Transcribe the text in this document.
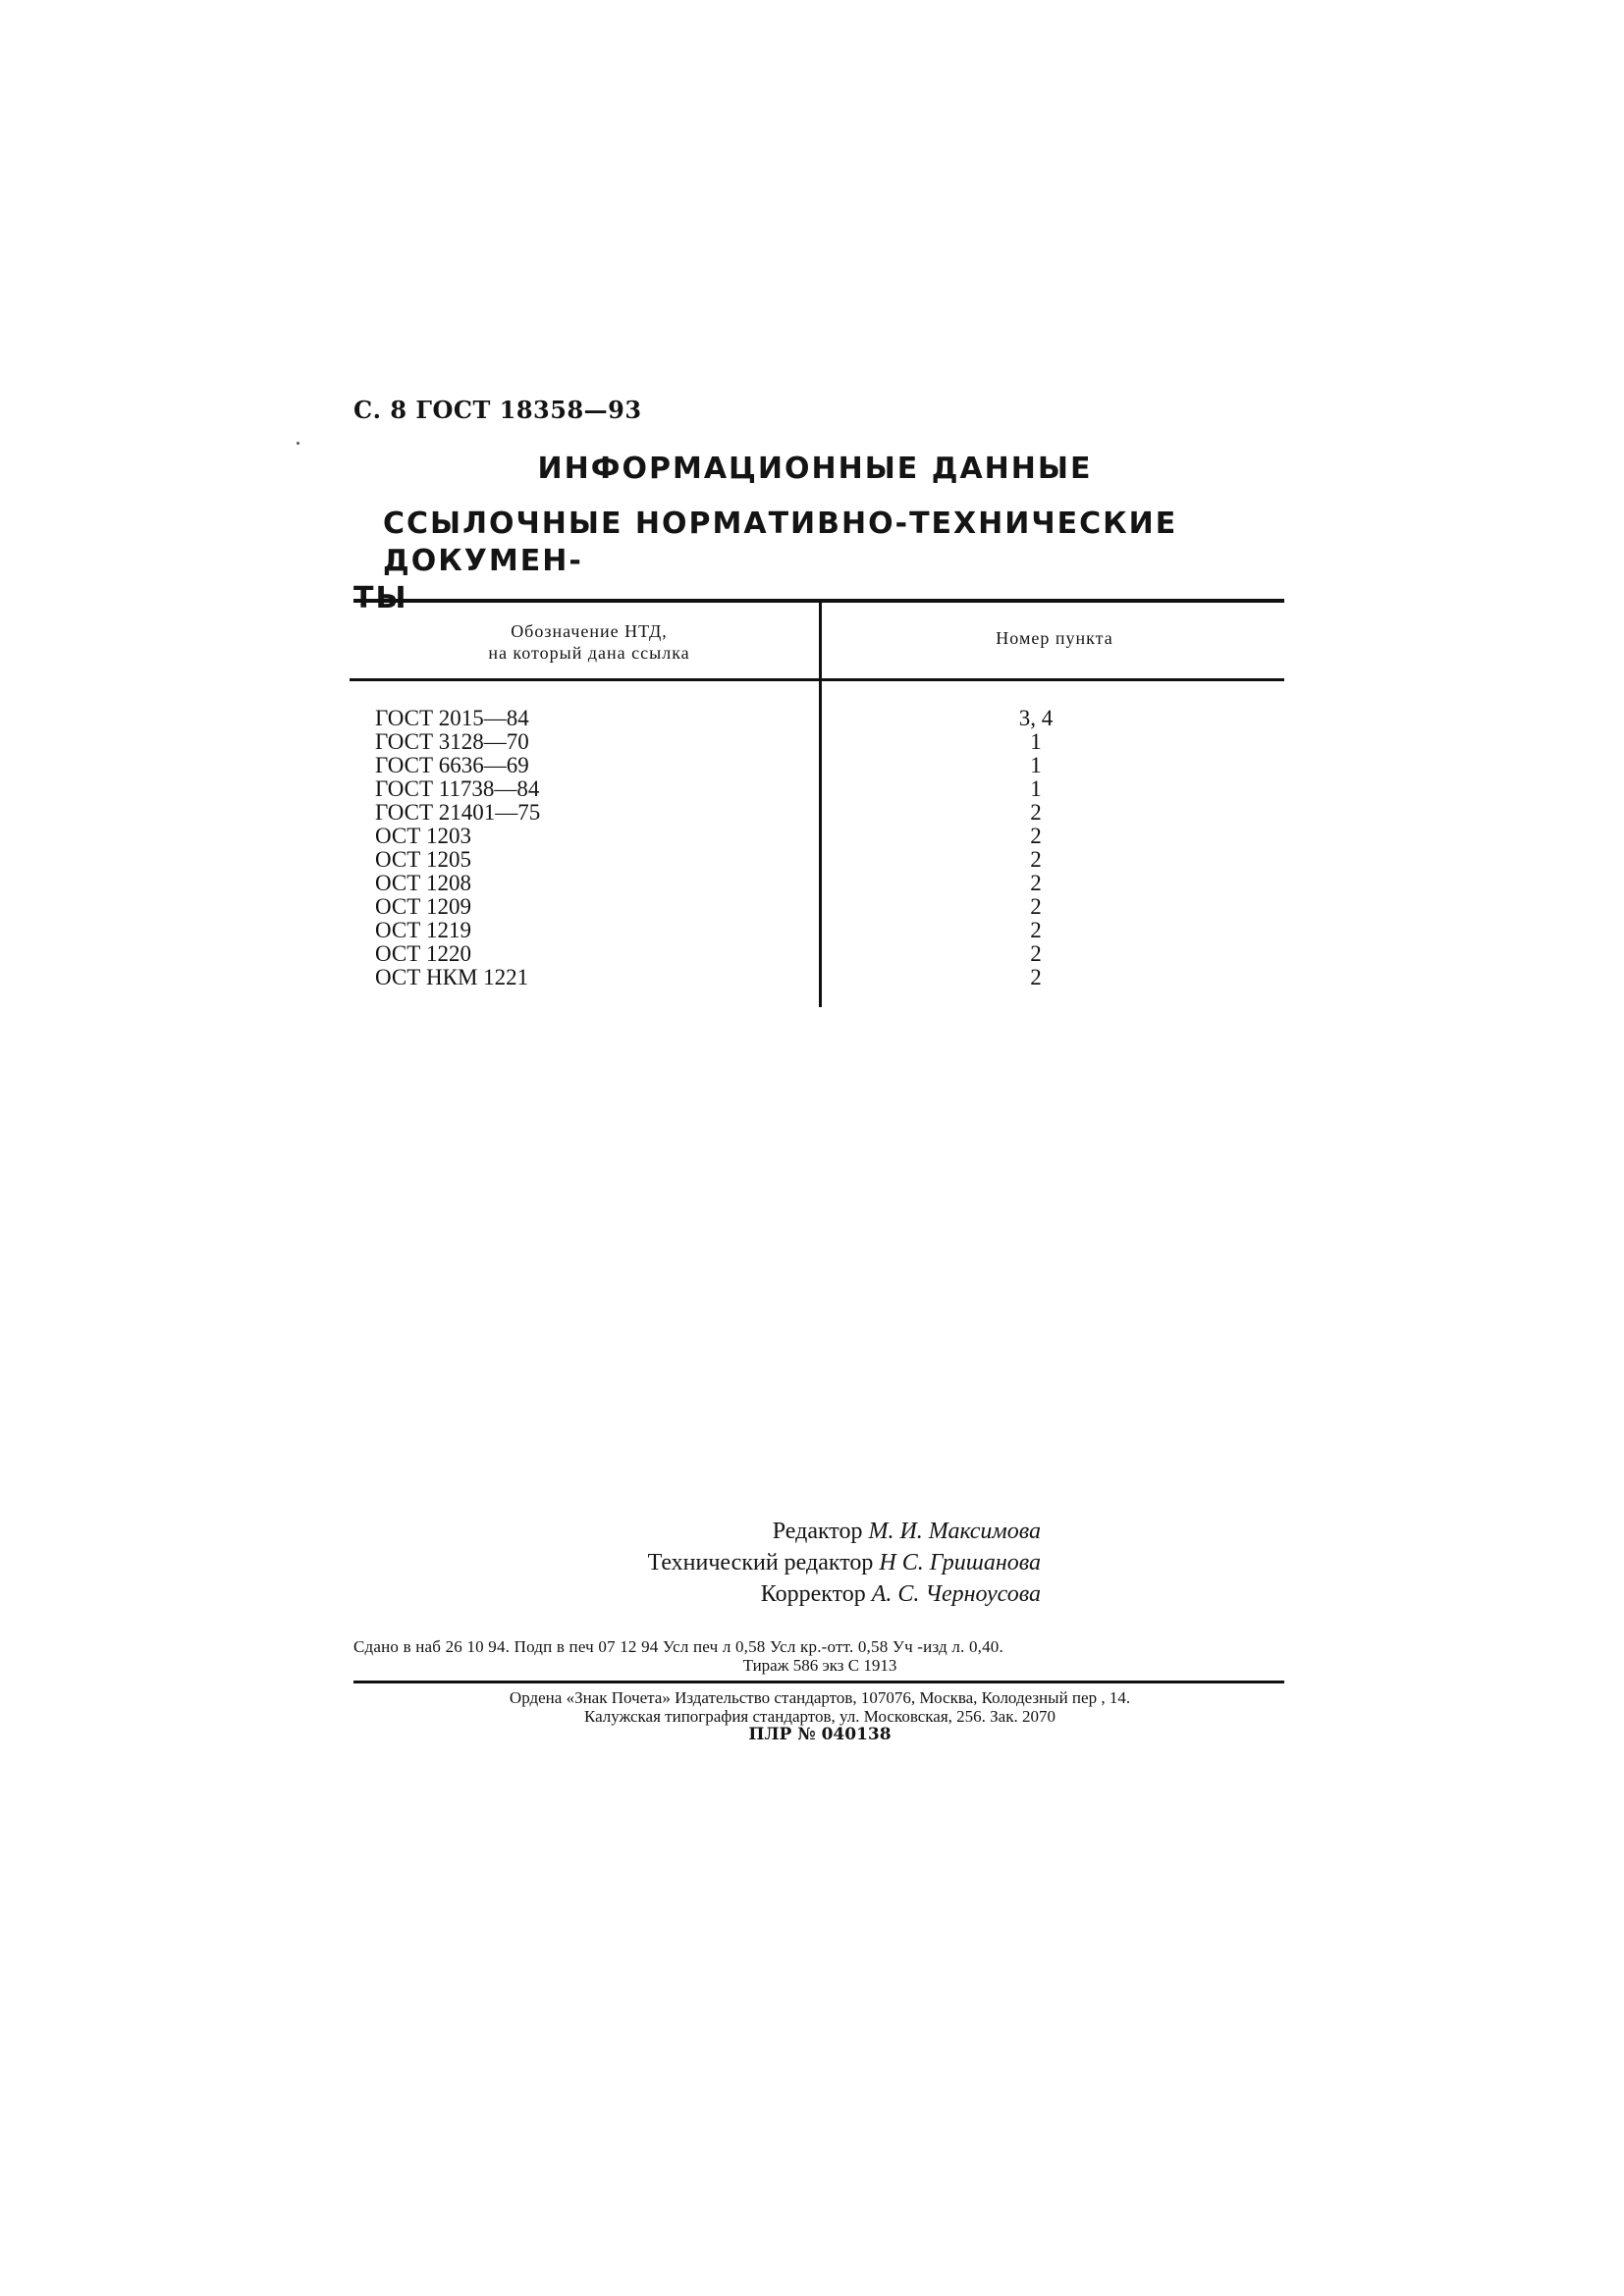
С. 8 ГОСТ 18358—93
ИНФОРМАЦИОННЫЕ ДАННЫЕ
ССЫЛОЧНЫЕ НОРМАТИВНО-ТЕХНИЧЕСКИЕ ДОКУМЕН-
ТЫ
Обозначение НТД,
на который дана ссылка
Номер пункта
ГОСТ 2015—84
ГОСТ 3128—70
ГОСТ 6636—69
ГОСТ 11738—84
ГОСТ 21401—75
ОСТ 1203
ОСТ 1205
ОСТ 1208
ОСТ 1209
ОСТ 1219
ОСТ 1220
ОСТ НКМ 1221
3, 4
1
1
1
2
2
2
2
2
2
2
2
Редактор М. И. Максимова
Технический редактор Н С. Гришанова
Корректор А. С. Черноусова
Сдано в наб 26 10 94. Подп в печ 07 12 94 Усл печ л 0,58 Усл кр.-отт. 0,58 Уч -изд л. 0,40.
Тираж 586 экз С 1913
Ордена «Знак Почета» Издательство стандартов, 107076, Москва, Колодезный пер , 14.
Калужская типография стандартов, ул. Московская, 256. Зак. 2070
ПЛР № 040138
